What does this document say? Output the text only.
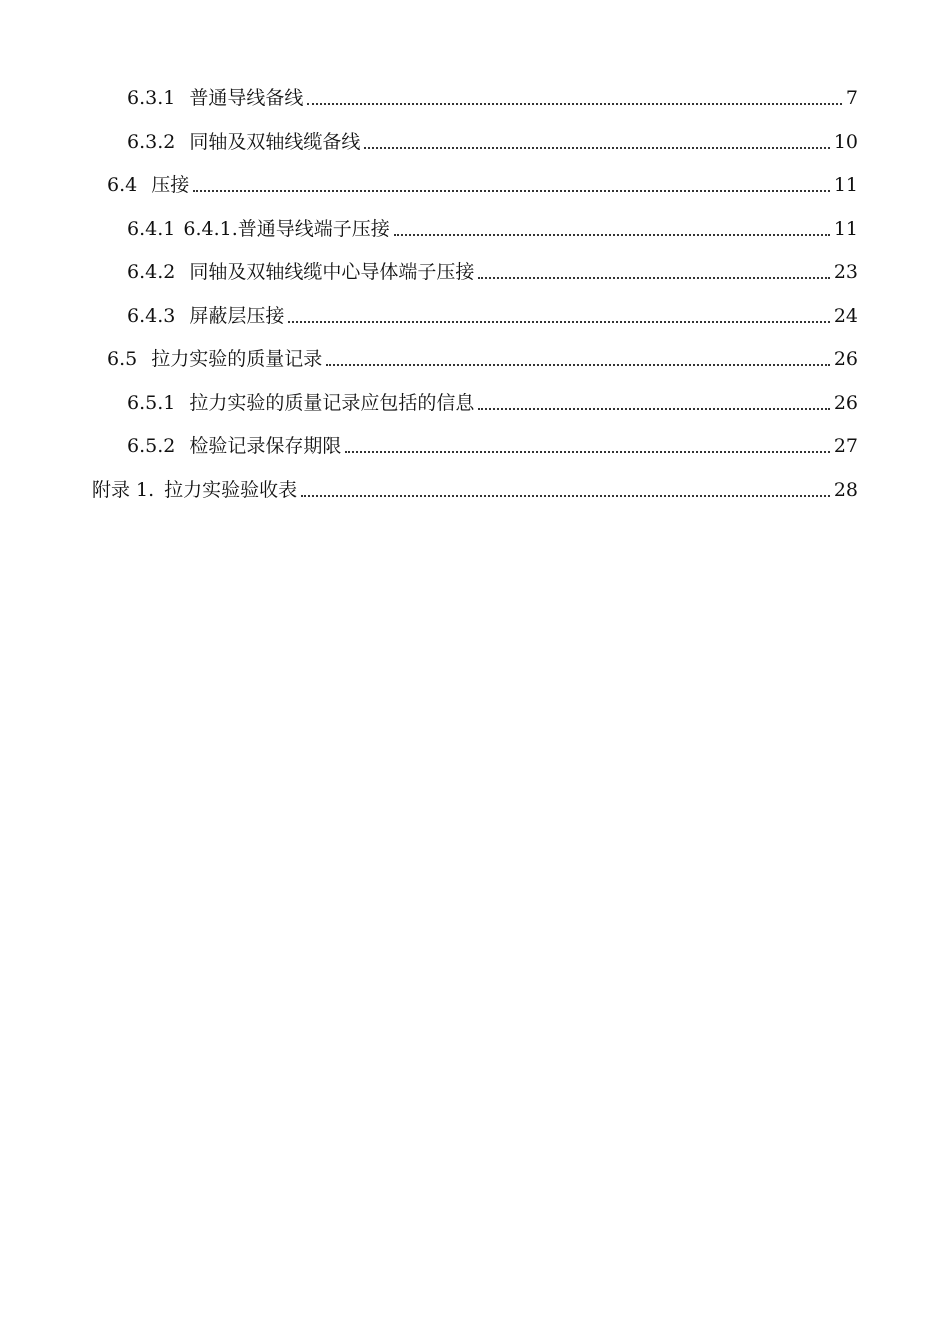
6.3.1 普通导线备线	7
6.3.2 同轴及双轴线缆备线	10
6.4 压接	11
6.4.1 6.4.1.普通导线端子压接	11
6.4.2 同轴及双轴线缆中心导体端子压接	23
6.4.3 屏蔽层压接	24
6.5 拉力实验的质量记录	26
6.5.1 拉力实验的质量记录应包括的信息	26
6.5.2 检验记录保存期限	27
附录 1. 拉力实验验收表	28
